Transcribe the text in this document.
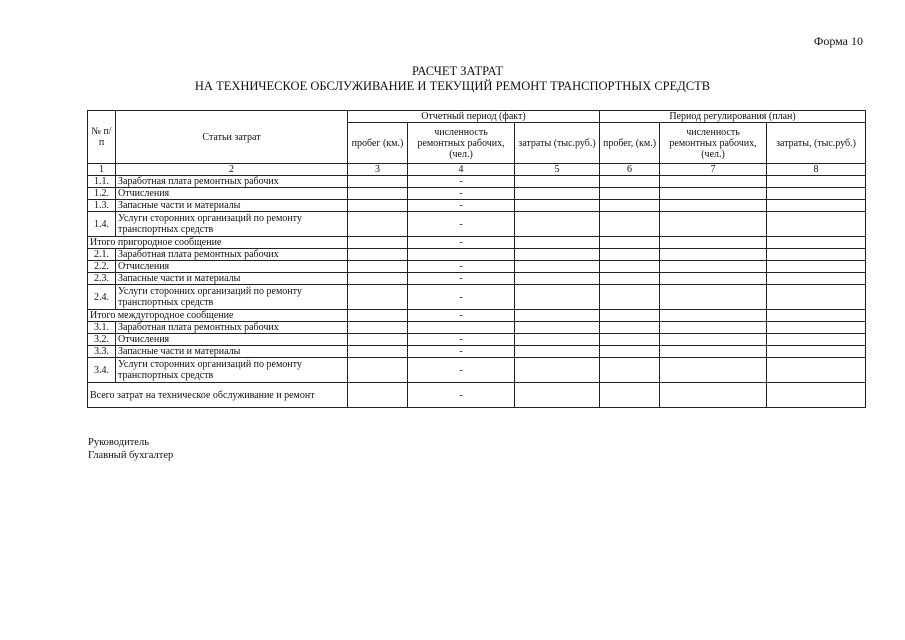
Форма 10
РАСЧЕТ ЗАТРАТ
НА ТЕХНИЧЕСКОЕ ОБСЛУЖИВАНИЕ И ТЕКУЩИЙ РЕМОНТ ТРАНСПОРТНЫХ СРЕДСТВ
№ п/п	Статьи затрат	Отчетный период (факт)			Период регулирования (план)		
		пробег (км.)	численность ремонтных рабочих, (чел.)	затраты (тыс.руб.)	пробег, (км.)	численность ремонтных рабочих, (чел.)	затраты, (тыс.руб.)
1	2	3	4	5	6	7	8
1.1.	Заработная плата ремонтных рабочих		-				
1.2.	Отчисления		-				
1.3.	Запасные части и материалы		-				
1.4.	Услуги сторонних организаций по ремонту транспортных средств		-				
Итого пригородное сообщение			-				
2.1.	Заработная плата ремонтных рабочих						
2.2.	Отчисления		-				
2.3.	Запасные части и материалы		-				
2.4.	Услуги сторонних организаций по ремонту транспортных средств		-				
Итого междугородное сообщение			-				
3.1.	Заработная плата ремонтных рабочих						
3.2.	Отчисления		-				
3.3.	Запасные части и материалы		-				
3.4.	Услуги сторонних организаций по ремонту транспортных средств		-				
Всего затрат на техническое обслуживание и ремонт			-				
Руководитель
Главный бухгалтер
